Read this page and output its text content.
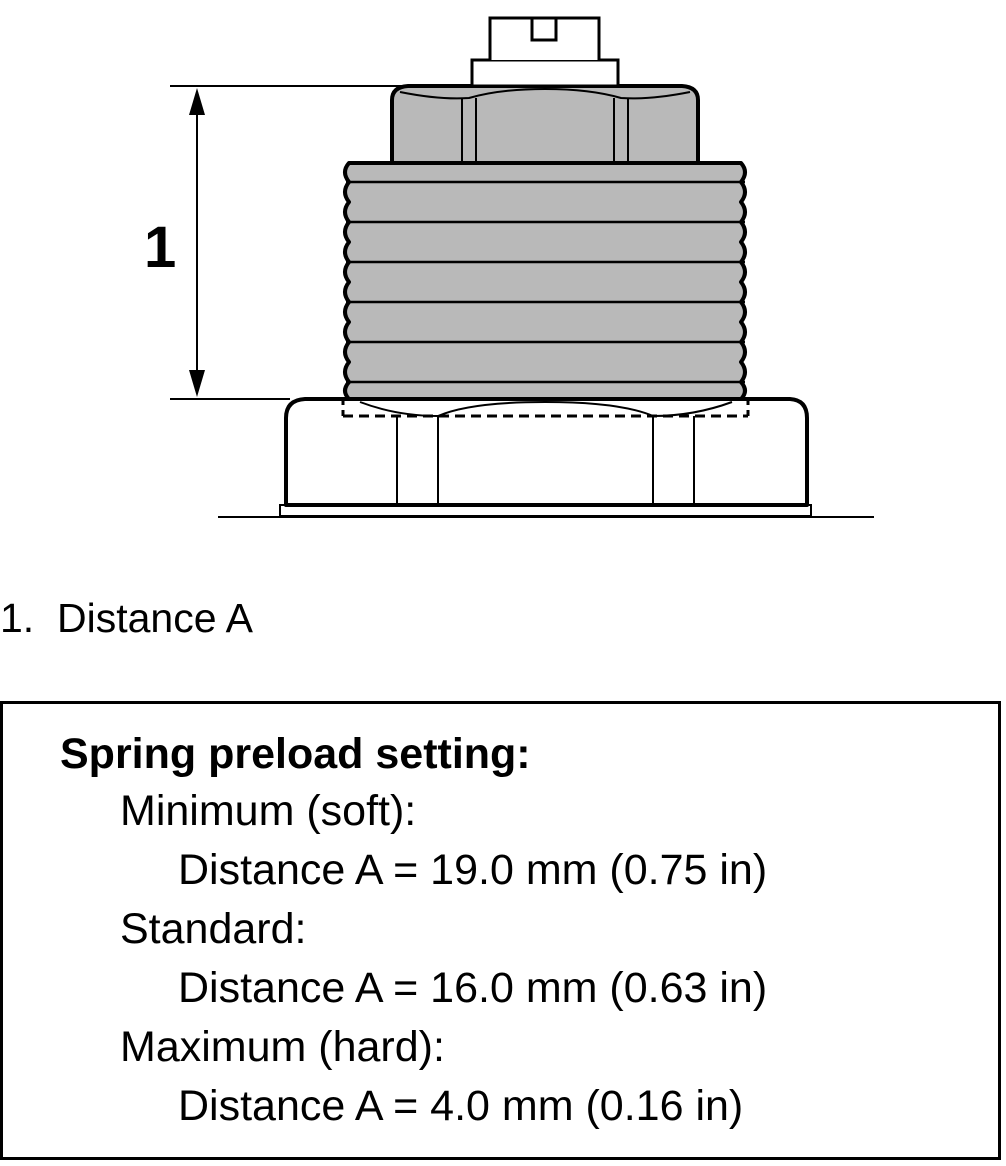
1
1. Distance A
Spring preload setting:
Minimum (soft):
Distance A = 19.0 mm (0.75 in)
Standard:
Distance A = 16.0 mm (0.63 in)
Maximum (hard):
Distance A = 4.0 mm (0.16 in)
